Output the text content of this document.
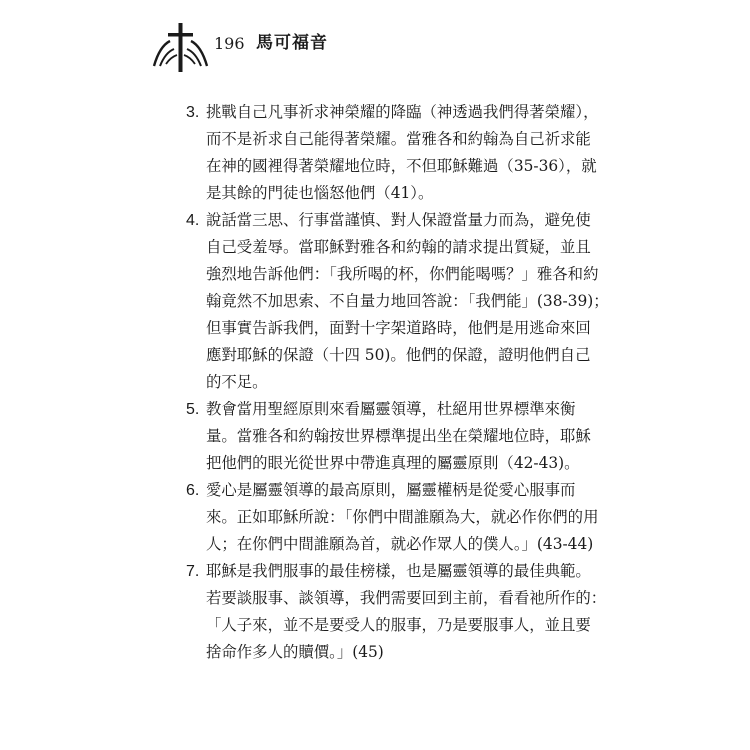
196 馬可福音
3. 挑戰自己凡事祈求神榮耀的降臨（神透過我們得著榮耀），
而不是祈求自己能得著榮耀。當雅各和約翰為自己祈求能
在神的國裡得著榮耀地位時，不但耶穌難過（35-36），就
是其餘的門徒也惱怒他們（41）。
4. 說話當三思、行事當謹慎、對人保證當量力而為，避免使
自己受羞辱。當耶穌對雅各和約翰的請求提出質疑，並且
強烈地告訴他們：「我所喝的杯，你們能喝嗎？」雅各和約
翰竟然不加思索、不自量力地回答說：「我們能」(38-39)；
但事實告訴我們，面對十字架道路時，他們是用逃命來回
應對耶穌的保證（十四 50)。他們的保證，證明他們自己
的不足。
5. 教會當用聖經原則來看屬靈領導，杜絕用世界標準來衡
量。當雅各和約翰按世界標準提出坐在榮耀地位時，耶穌
把他們的眼光從世界中帶進真理的屬靈原則（42-43)。
6. 愛心是屬靈領導的最高原則，屬靈權柄是從愛心服事而
來。正如耶穌所說：「你們中間誰願為大，就必作你們的用
人；在你們中間誰願為首，就必作眾人的僕人。」(43-44)
7. 耶穌是我們服事的最佳榜樣，也是屬靈領導的最佳典範。
若要談服事、談領導，我們需要回到主前，看看祂所作的：
「人子來，並不是要受人的服事，乃是要服事人，並且要
捨命作多人的贖價。」(45)
